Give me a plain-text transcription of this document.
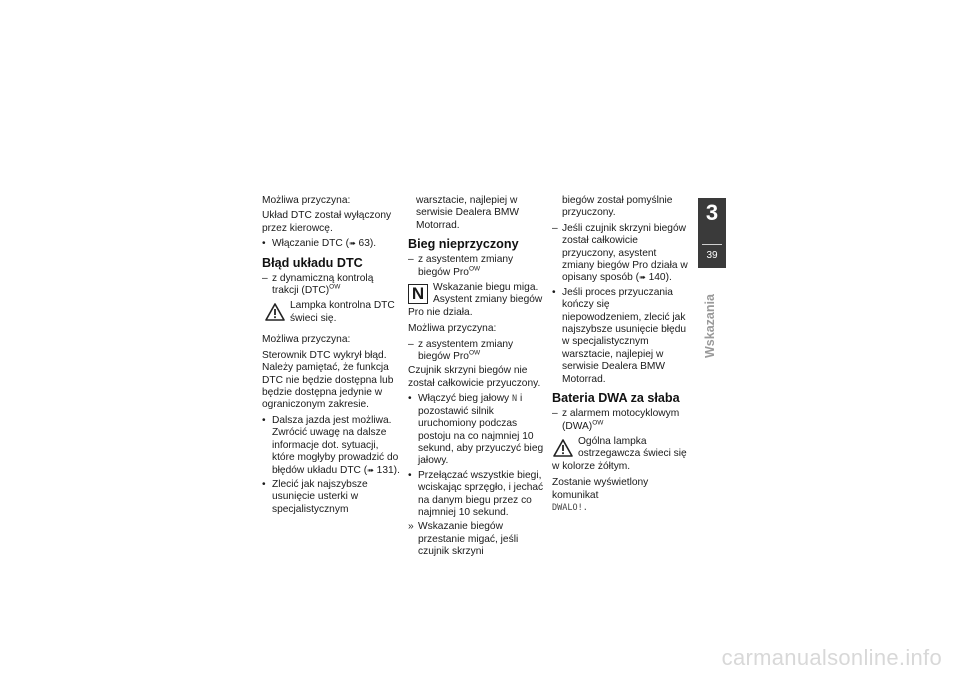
Możliwa przyczyna:

Układ DTC został wyłączony przez kierowcę.

• Włączanie DTC (➠ 63).
Błąd układu DTC
– z dynamiczną kontrolą trakcji (DTC)$^{OW}$
Lampka kontrolna DTC świeci się.

Możliwa przyczyna:

Sterownik DTC wykrył błąd. Należy pamiętać, że funkcja DTC nie będzie dostępna lub będzie dostępna jedynie w ograniczonym zakresie.

• Dalsza jazda jest możliwa. Zwrócić uwagę na dalsze informacje dot. sytuacji, które mogłyby prowadzić do błędów układu DTC (➠ 131).
• Zlecić jak najszybsze usunięcie usterki w specjalistycznym

warsztacie, najlepiej w serwisie Dealera BMW Motorrad.

Bieg nieprzyczony
– z asystentem zmiany biegów Pro$^{OW}$
N Wskazanie biegu miga. Asystent zmiany biegów Pro nie działa.

Możliwa przyczyna:

– z asystentem zmiany biegów Pro$^{OW}$

Czujnik skrzyni biegów nie został całkowicie przyuczony.

• Włączyć bieg jałowy N i pozostawić silnik uruchomiony podczas postoju na co najmniej 10 sekund, aby przyuczyć bieg jałowy.
• Przełączać wszystkie biegi, wciskając sprzęgło, i jechać na danym biegu przez co najmniej 10 sekund.
» Wskazanie biegów przestanie migać, jeśli czujnik skrzyni

biegów został pomyślnie przyuczony.

– Jeśli czujnik skrzyni biegów został całkowicie przyuczony, asystent zmiany biegów Pro działa w opisany sposób (➠ 140).
• Jeśli proces przyuczania kończy się niepowodzeniem, zlecić jak najszybsze usunięcie błędu w specjalistycznym warsztacie, najlepiej w serwisie Dealera BMW Motorrad.
Bateria DWA za słaba
– z alarmem motocyklowym (DWA)$^{OW}$
Ogólna lampka ostrzegawcza świeci się w kolorze żółtym.

Zostanie wyświetlony komunikat
DWALO!.

3
39
Wskazania
carmanualsonline.info
